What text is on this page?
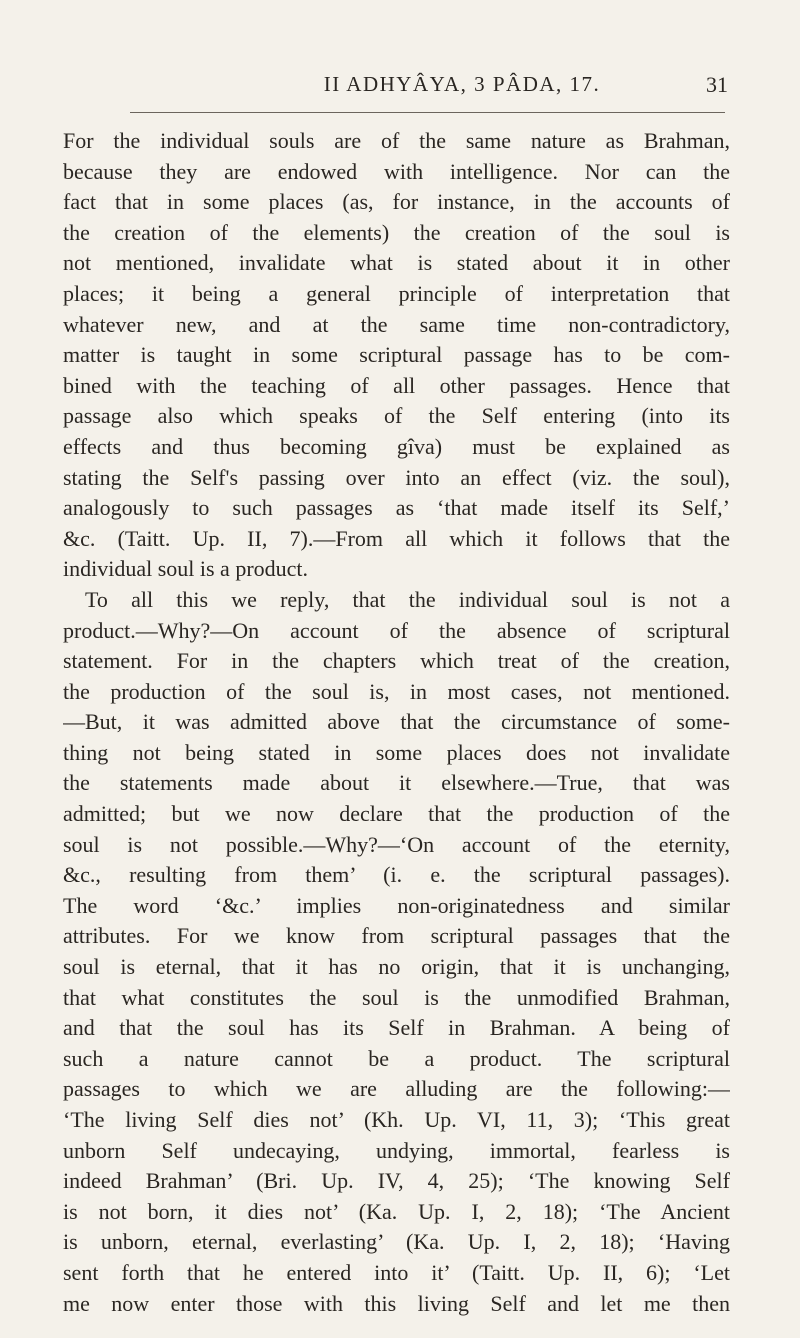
II ADHYÂYA, 3 PÂDA, 17.	31
For the individual souls are of the same nature as Brahman,
because they are endowed with intelligence. Nor can the
fact that in some places (as, for instance, in the accounts of
the creation of the elements) the creation of the soul is
not mentioned, invalidate what is stated about it in other
places; it being a general principle of interpretation that
whatever new, and at the same time non-contradictory,
matter is taught in some scriptural passage has to be com-
bined with the teaching of all other passages. Hence that
passage also which speaks of the Self entering (into its
effects and thus becoming gîva) must be explained as
stating the Self's passing over into an effect (viz. the soul),
analogously to such passages as ‘that made itself its Self,’
&c. (Taitt. Up. II, 7).—From all which it follows that the
individual soul is a product.
To all this we reply, that the individual soul is not a
product.—Why?—On account of the absence of scriptural
statement. For in the chapters which treat of the creation,
the production of the soul is, in most cases, not mentioned.
—But, it was admitted above that the circumstance of some-
thing not being stated in some places does not invalidate
the statements made about it elsewhere.—True, that was
admitted; but we now declare that the production of the
soul is not possible.—Why?—‘On account of the eternity,
&c., resulting from them’ (i. e. the scriptural passages).
The word ‘&c.’ implies non-originatedness and similar
attributes. For we know from scriptural passages that the
soul is eternal, that it has no origin, that it is unchanging,
that what constitutes the soul is the unmodified Brahman,
and that the soul has its Self in Brahman. A being of
such a nature cannot be a product. The scriptural
passages to which we are alluding are the following:—
‘The living Self dies not’ (Kh. Up. VI, 11, 3); ‘This great
unborn Self undecaying, undying, immortal, fearless is
indeed Brahman’ (Bri. Up. IV, 4, 25); ‘The knowing Self
is not born, it dies not’ (Ka. Up. I, 2, 18); ‘The Ancient
is unborn, eternal, everlasting’ (Ka. Up. I, 2, 18); ‘Having
sent forth that he entered into it’ (Taitt. Up. II, 6); ‘Let
me now enter those with this living Self and let me then
